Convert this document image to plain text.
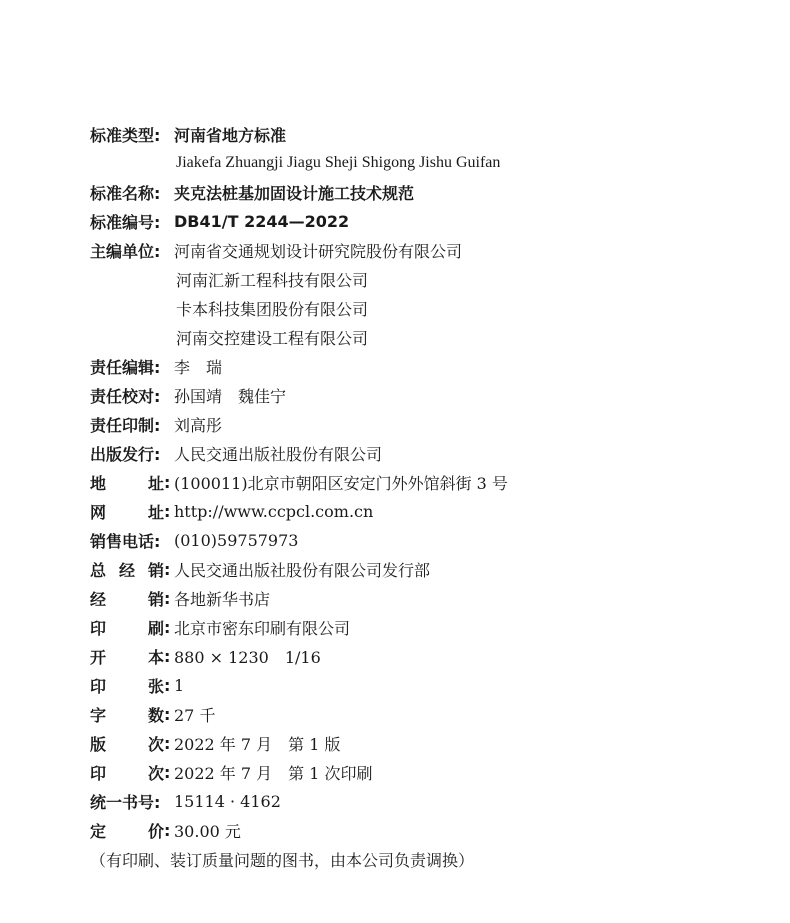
标准类型: 河南省地方标准
Jiakefa Zhuangji Jiagu Sheji Shigong Jishu Guifan
标准名称: 夹克法桩基加固设计施工技术规范
标准编号: DB41/T 2244—2022
主编单位: 河南省交通规划设计研究院股份有限公司
河南汇新工程科技有限公司
卡本科技集团股份有限公司
河南交控建设工程有限公司
责任编辑: 李　瑞
责任校对: 孙国靖　魏佳宁
责任印制: 刘高彤
出版发行: 人民交通出版社股份有限公司
地	址 : (100011)北京市朝阳区安定门外外馆斜街 3 号
网	址 : http://www.ccpcl.com.cn
销售电话: (010)59757973
总 经 销 : 人民交通出版社股份有限公司发行部
经	销 : 各地新华书店
印	刷 : 北京市密东印刷有限公司
开	本 : 880 × 1230　1/16
印	张 : 1
字	数 : 27 千
版	次 : 2022 年 7 月　第 1 版
印	次 : 2022 年 7 月　第 1 次印刷
统一书号: 15114 · 4162
定	价 : 30.00 元
（有印刷、装订质量问题的图书，由本公司负责调换）
